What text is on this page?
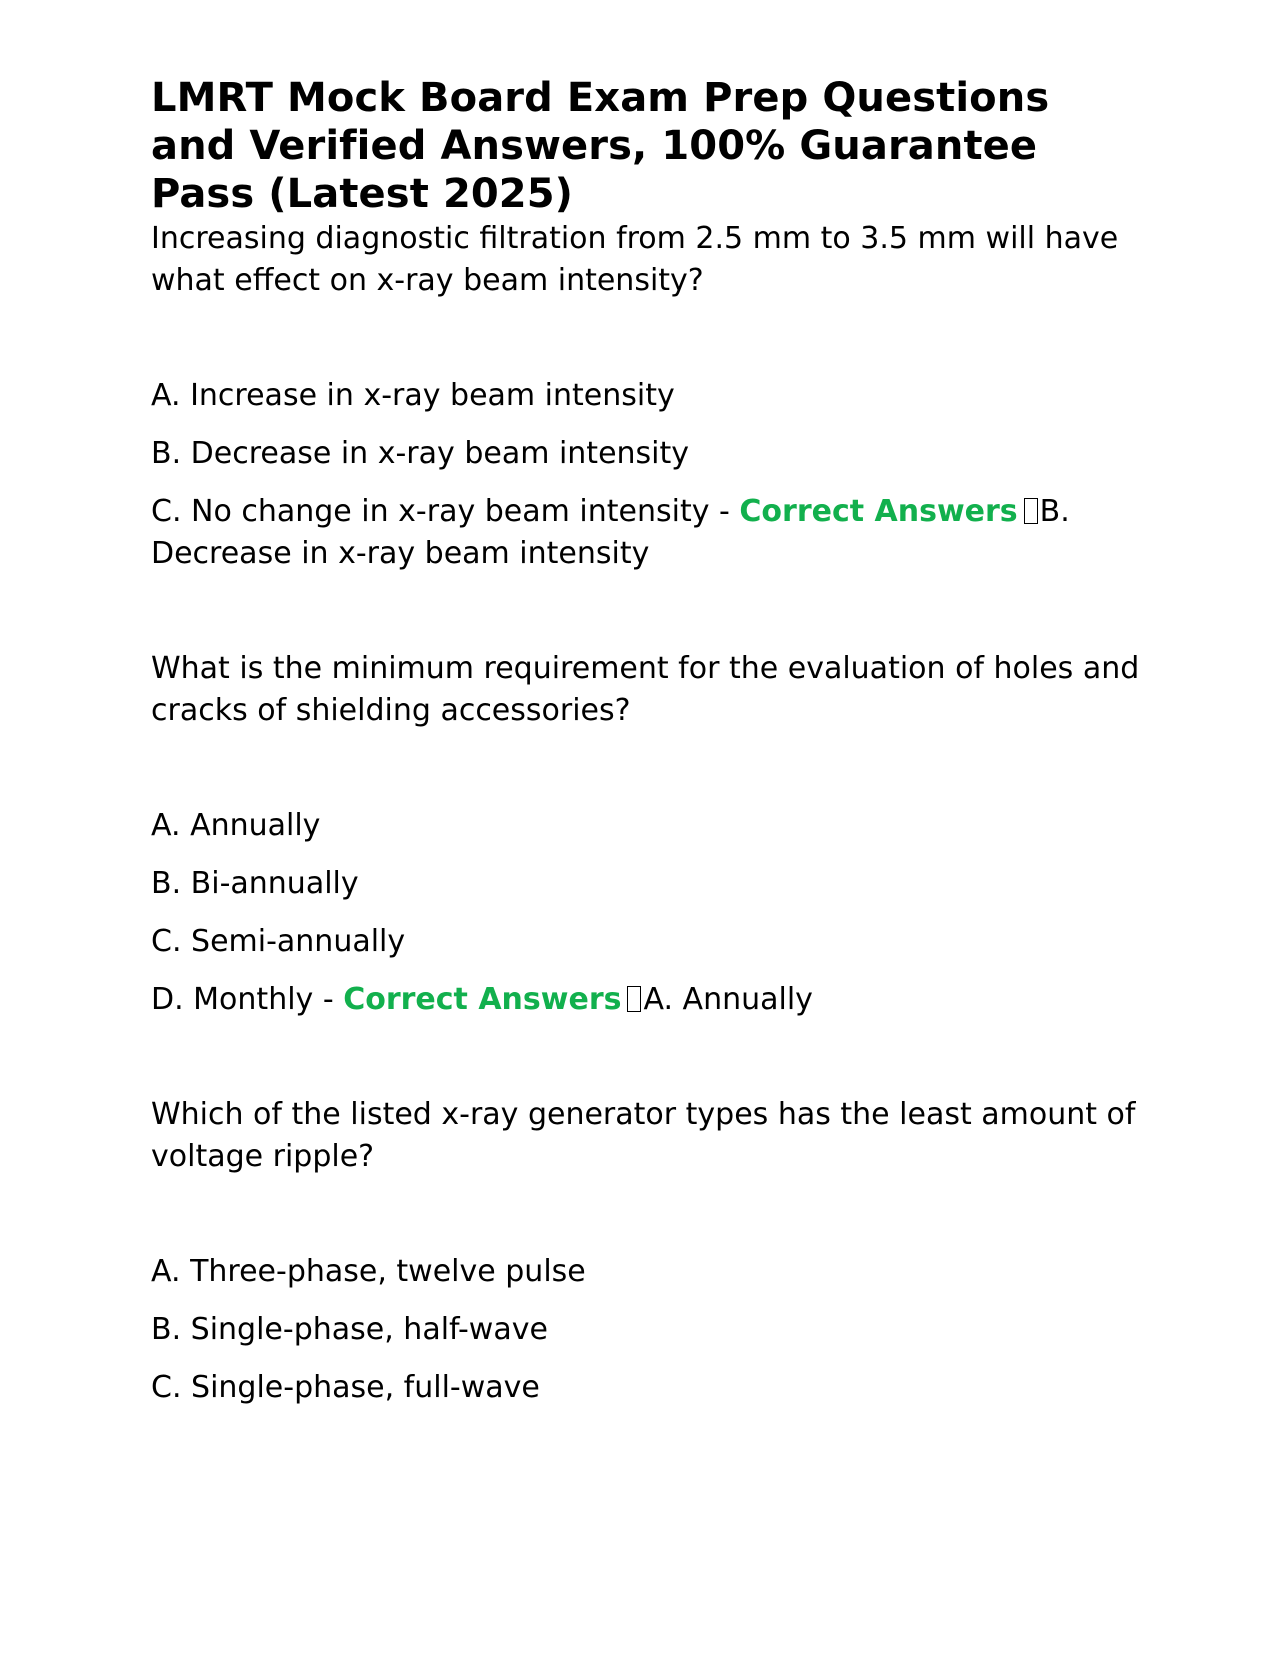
LMRT Mock Board Exam Prep Questions and Verified Answers, 100% Guarantee Pass (Latest 2025)

Increasing diagnostic filtration from 2.5 mm to 3.5 mm will have what effect on x-ray beam intensity?

A. Increase in x-ray beam intensity

B. Decrease in x-ray beam intensity

C. No change in x-ray beam intensity - Correct Answers B. Decrease in x-ray beam intensity

What is the minimum requirement for the evaluation of holes and cracks of shielding accessories?

A. Annually

B. Bi-annually

C. Semi-annually

D. Monthly - Correct Answers A. Annually

Which of the listed x-ray generator types has the least amount of voltage ripple?

A. Three-phase, twelve pulse

B. Single-phase, half-wave

C. Single-phase, full-wave
